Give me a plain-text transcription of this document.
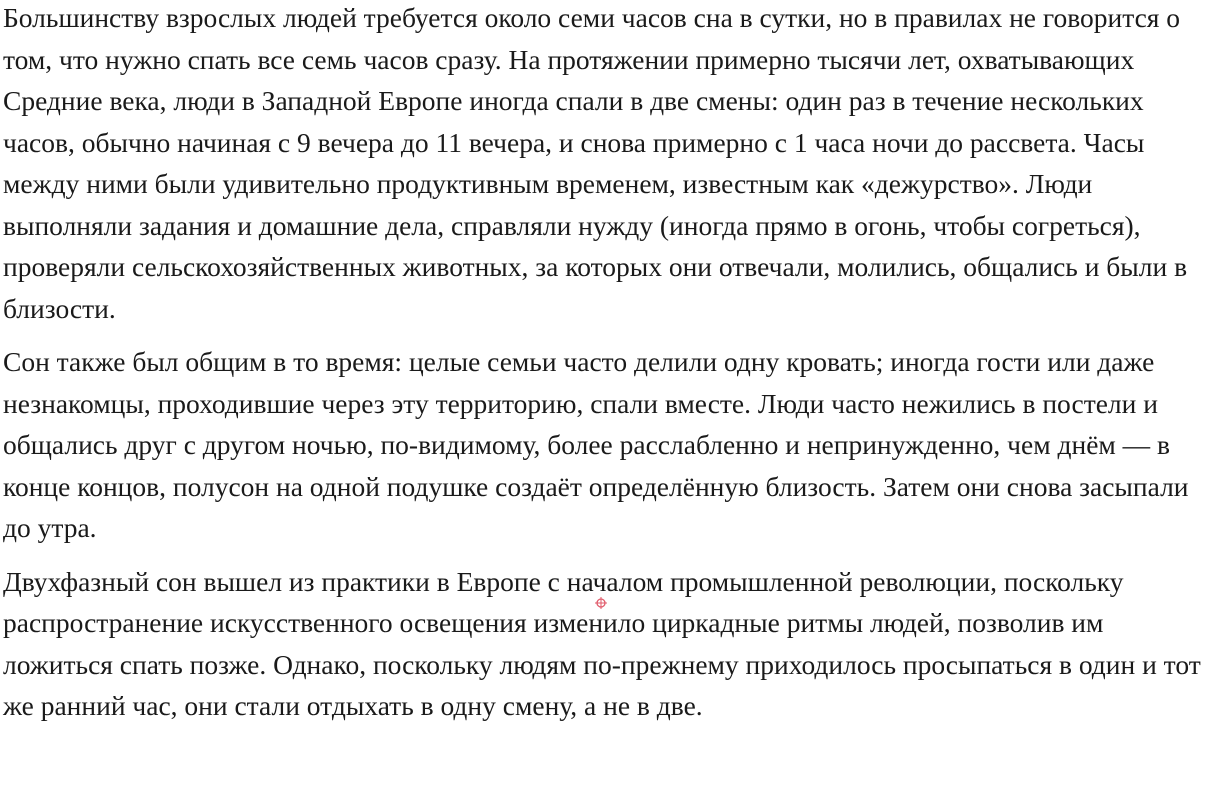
Большинству взрослых людей требуется около семи часов сна в сутки, но в правилах не говорится о том, что нужно спать все семь часов сразу. На протяжении примерно тысячи лет, охватывающих Средние века, люди в Западной Европе иногда спали в две смены: один раз в течение нескольких часов, обычно начиная с 9 вечера до 11 вечера, и снова примерно с 1 часа ночи до рассвета. Часы между ними были удивительно продуктивным временем, известным как «дежурство». Люди выполняли задания и домашние дела, справляли нужду (иногда прямо в огонь, чтобы согреться), проверяли сельскохозяйственных животных, за которых они отвечали, молились, общались и были в близости.

Сон также был общим в то время: целые семьи часто делили одну кровать; иногда гости или даже незнакомцы, проходившие через эту территорию, спали вместе. Люди часто нежились в постели и общались друг с другом ночью, по-видимому, более расслабленно и непринужденно, чем днём — в конце концов, полусон на одной подушке создаёт определённую близость. Затем они снова засыпали до утра.

Двухфазный сон вышел из практики в Европе с началом промышленной революции, поскольку распространение искусственного освещения изменило циркадные ритмы людей, позволив им ложиться спать позже. Однако, поскольку людям по-прежнему приходилось просыпаться в один и тот же ранний час, они стали отдыхать в одну смену, а не в две.
